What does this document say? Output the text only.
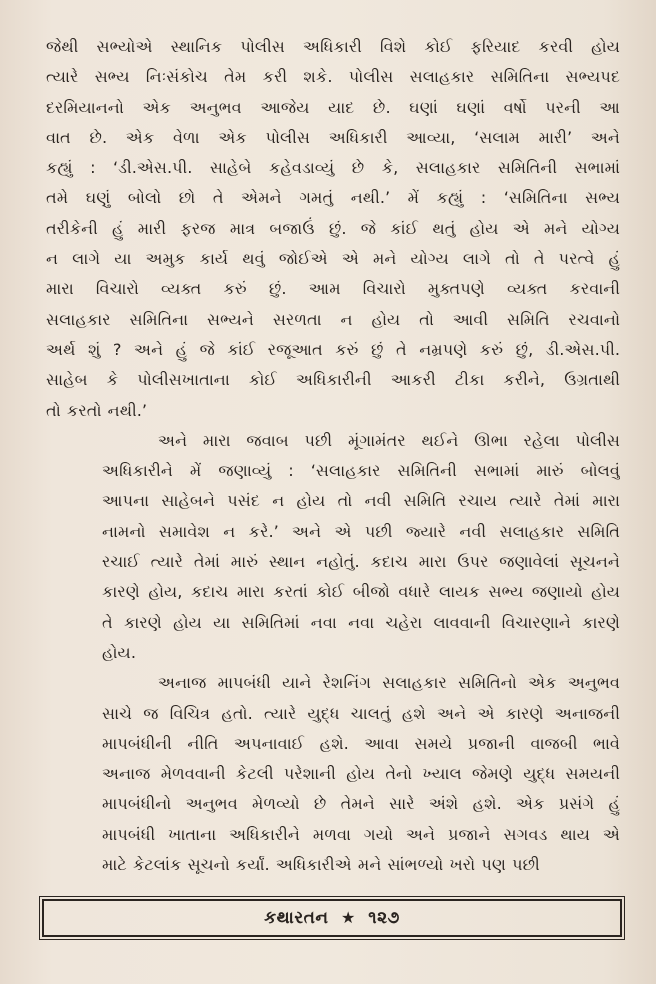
જેથી સભ્યોએ સ્થાનિક પોલીસ અધિકારી વિશે કોઈ ફરિયાદ કરવી હોય
ત્યારે સભ્ય નિઃસંકોચ તેમ કરી શકે. પોલીસ સલાહકાર સમિતિના સભ્યપદ
દરમિયાનનો એક અનુભવ આજેય યાદ છે. ઘણાં ઘણાં વર્ષો પરની આ
વાત છે. એક વેળા એક પોલીસ અધિકારી આવ્યા, ‘સલામ મારી’ અને
કહ્યું : ‘ડી.એસ.પી. સાહેબે કહેવડાવ્યું છે કે, સલાહકાર સમિતિની સભામાં
તમે ઘણું બોલો છો તે એમને ગમતું નથી.’ મેં કહ્યું : ‘સમિતિના સભ્ય
તરીકેની હું મારી ફરજ માત્ર બજાઉં છું. જે કાંઈ થતું હોય એ મને યોગ્ય
ન લાગે યા અમુક કાર્ય થવું જોઈએ એ મને યોગ્ય લાગે તો તે પરત્વે હું
મારા વિચારો વ્યક્ત કરું છું. આમ વિચારો મુક્તપણે વ્યક્ત કરવાની
સલાહકાર સમિતિના સભ્યને સરળતા ન હોય તો આવી સમિતિ રચવાનો
અર્થ શું ? અને હું જે કાંઈ રજૂઆત કરું છું તે નમ્રપણે કરું છું, ડી.એસ.પી.
સાહેબ કે પોલીસખાતાના કોઈ અધિકારીની આકરી ટીકા કરીને, ઉગ્રતાથી
તો કરતો નથી.’
અને મારા જવાબ પછી મૂંગામંતર થઈને ઊભા રહેલા પોલીસ
અધિકારીને મેં જણાવ્યું : ‘સલાહકાર સમિતિની સભામાં મારું બોલવું
આપના સાહેબને પસંદ ન હોય તો નવી સમિતિ રચાય ત્યારે તેમાં મારા
નામનો સમાવેશ ન કરે.’ અને એ પછી જ્યારે નવી સલાહકાર સમિતિ
રચાઈ ત્યારે તેમાં મારું સ્થાન નહોતું. કદાચ મારા ઉપર જણાવેલાં સૂચનને
કારણે હોય, કદાચ મારા કરતાં કોઈ બીજો વધારે લાયક સભ્ય જણાયો હોય
તે કારણે હોય યા સમિતિમાં નવા નવા ચહેરા લાવવાની વિચારણાને કારણે
હોય.
અનાજ માપબંધી યાને રેશનિંગ સલાહકાર સમિતિનો એક અનુભવ
સાચે જ વિચિત્ર હતો. ત્યારે યુદ્ધ ચાલતું હશે અને એ કારણે અનાજની
માપબંધીની નીતિ અપનાવાઈ હશે. આવા સમયે પ્રજાની વાજબી ભાવે
અનાજ મેળવવાની કેટલી પરેશાની હોય તેનો ખ્યાલ જેમણે યુદ્ધ સમયની
માપબંધીનો અનુભવ મેળવ્યો છે તેમને સારે અંશે હશે. એક પ્રસંગે હું
માપબંધી ખાતાના અધિકારીને મળવા ગયો અને પ્રજાને સગવડ થાય એ
માટે કેટલાંક સૂચનો કર્યાં. અધિકારીએ મને સાંભળ્યો ખરો પણ પછી
કથારતન ★ ૧૨૭
